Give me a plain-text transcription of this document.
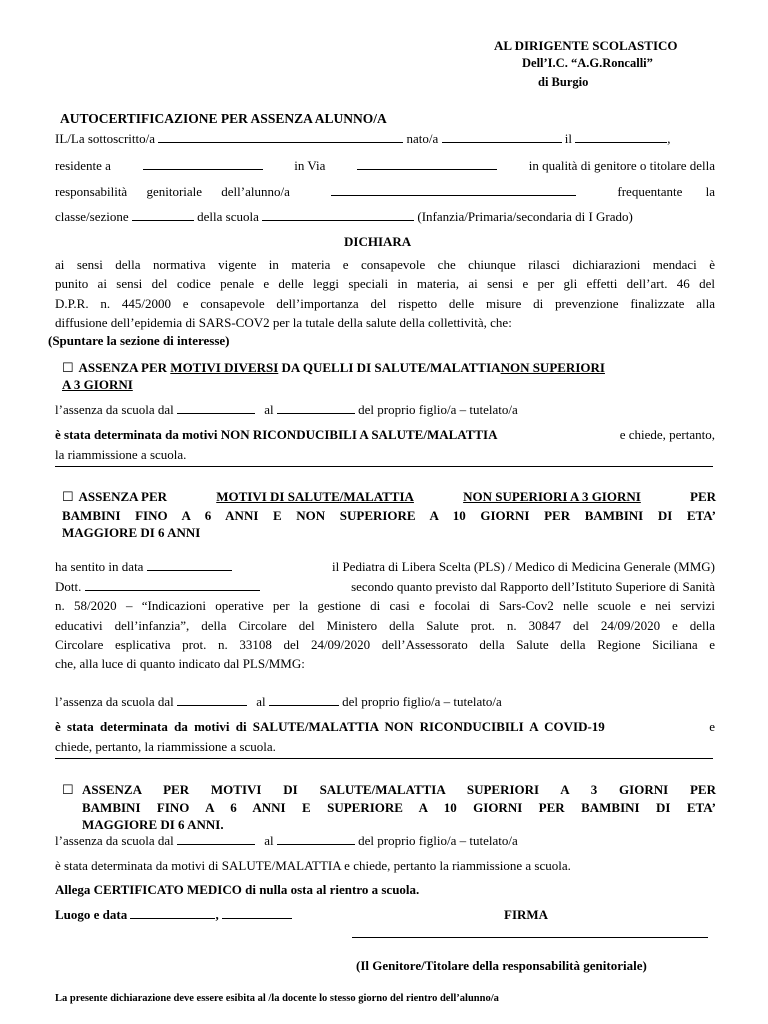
AL DIRIGENTE SCOLASTICO
Dell’I.C. “A.G.Roncalli”
di Burgio
AUTOCERTIFICAZIONE PER ASSENZA ALUNNO/A
IL/La sottoscritto/a	nato/a	il	,
residente a	in Via	in qualità di genitore o titolare della
responsabilità genitoriale dell’alunno/a	frequentante la
classe/sezione	della scuola	(Infanzia/Primaria/secondaria di I Grado)
DICHIARA
ai sensi della normativa vigente in materia e consapevole che chiunque rilasci dichiarazioni mendaci è
punito ai sensi del codice penale e delle leggi speciali in materia, ai sensi e per gli effetti dell’art. 46 del
D.P.R. n. 445/2000 e consapevole dell’importanza del rispetto delle misure di prevenzione finalizzate alla
diffusione dell’epidemia di SARS-COV2 per la tutale della salute della collettività, che:
(Spuntare la sezione di interesse)
☐ ASSENZA PER MOTIVI DIVERSI DA QUELLI DI SALUTE/MALATTIANON SUPERIORI
A 3 GIORNI
l’assenza da scuola dal	al	del proprio figlio/a – tutelato/a
è stata determinata da motivi NON RICONDUCIBILI A SALUTE/MALATTIA	e chiede, pertanto,
la riammissione a scuola.
☐ ASSENZA PER	MOTIVI DI SALUTE/MALATTIA	NON SUPERIORI A 3 GIORNI	PER
BAMBINI FINO A 6 ANNI E NON SUPERIORE A 10 GIORNI PER BAMBINI DI ETA’
MAGGIORE DI 6 ANNI
ha sentito in data	il Pediatra di Libera Scelta (PLS) / Medico di Medicina Generale (MMG)
Dott.	secondo quanto previsto dal Rapporto dell’Istituto Superiore di Sanità
n. 58/2020 – “Indicazioni operative per la gestione di casi e focolai di Sars-Cov2 nelle scuole e nei servizi
educativi dell’infanzia”, della Circolare del Ministero della Salute prot. n. 30847 del 24/09/2020 e della
Circolare esplicativa prot. n. 33108 del 24/09/2020 dell’Assessorato della Salute della Regione Siciliana e
che, alla luce di quanto indicato dal PLS/MMG:
l’assenza da scuola dal	al	del proprio figlio/a – tutelato/a
è stata determinata da motivi di SALUTE/MALATTIA NON RICONDUCIBILI A COVID-19	e
chiede, pertanto, la riammissione a scuola.
☐ ASSENZA PER MOTIVI DI SALUTE/MALATTIA SUPERIORI A 3 GIORNI PER
BAMBINI FINO A 6 ANNI E SUPERIORE A 10 GIORNI PER BAMBINI DI ETA’
MAGGIORE DI 6 ANNI.
l’assenza da scuola dal	al	del proprio figlio/a – tutelato/a
è stata determinata da motivi di SALUTE/MALATTIA e chiede, pertanto la riammissione a scuola.
Allega CERTIFICATO MEDICO di nulla osta al rientro a scuola.
Luogo e data	,	FIRMA
(Il Genitore/Titolare della responsabilità genitoriale)
La presente dichiarazione deve essere esibita al /la docente lo stesso giorno del rientro dell’alunno/a
